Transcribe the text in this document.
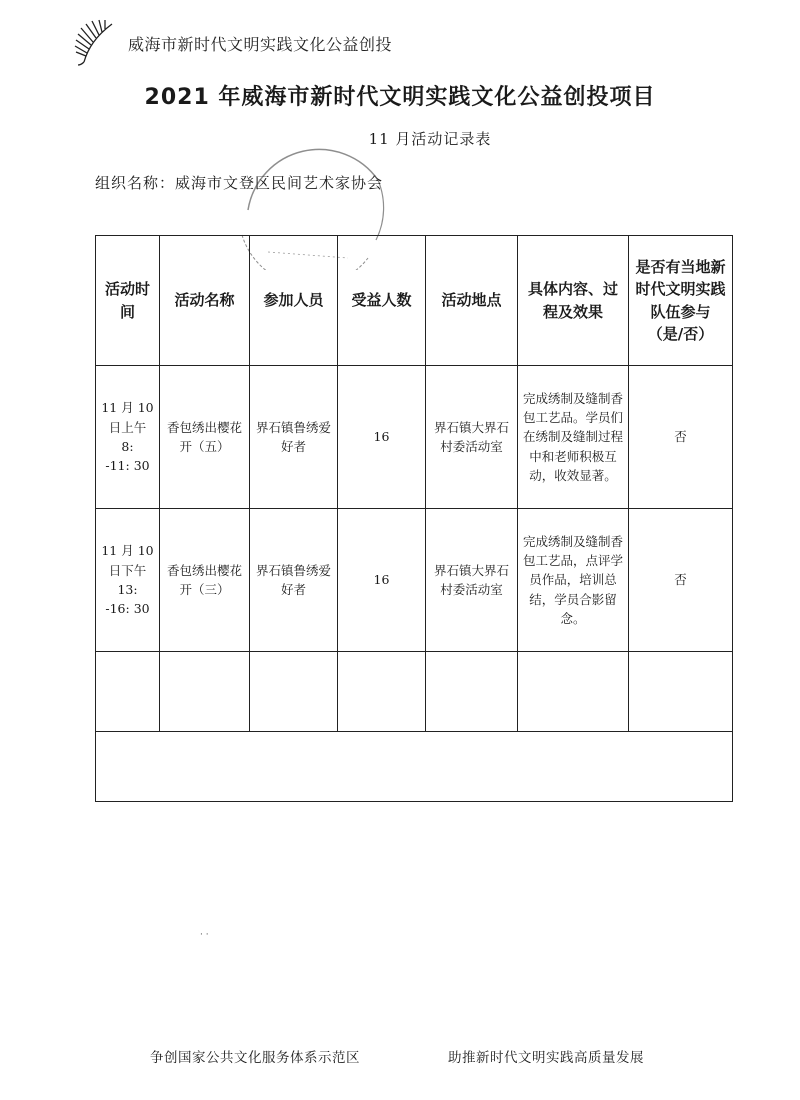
威海市新时代文明实践文化公益创投
2021 年威海市新时代文明实践文化公益创投项目
11 月活动记录表
组织名称：威海市文登区民间艺术家协会
活动时间	活动名称	参加人员	受益人数	活动地点	具体内容、过程及效果	是否有当地新时代文明实践队伍参与（是/否）

11 月 10
日上午
8:
-11: 30	香包绣出樱花开（五）	界石镇鲁绣爱好者	16	界石镇大界石村委活动室	完成绣制及缝制香包工艺品。学员们在绣制及缝制过程中和老师积极互动，收效显著。	否

11 月 10
日下午
13:
-16: 30	香包绣出樱花开（三）	界石镇鲁绣爱好者	16	界石镇大界石村委活动室	完成绣制及缝制香包工艺品，点评学员作品，培训总结，学员合影留念。	否

· ·
争创国家公共文化服务体系示范区	助推新时代文明实践高质量发展
